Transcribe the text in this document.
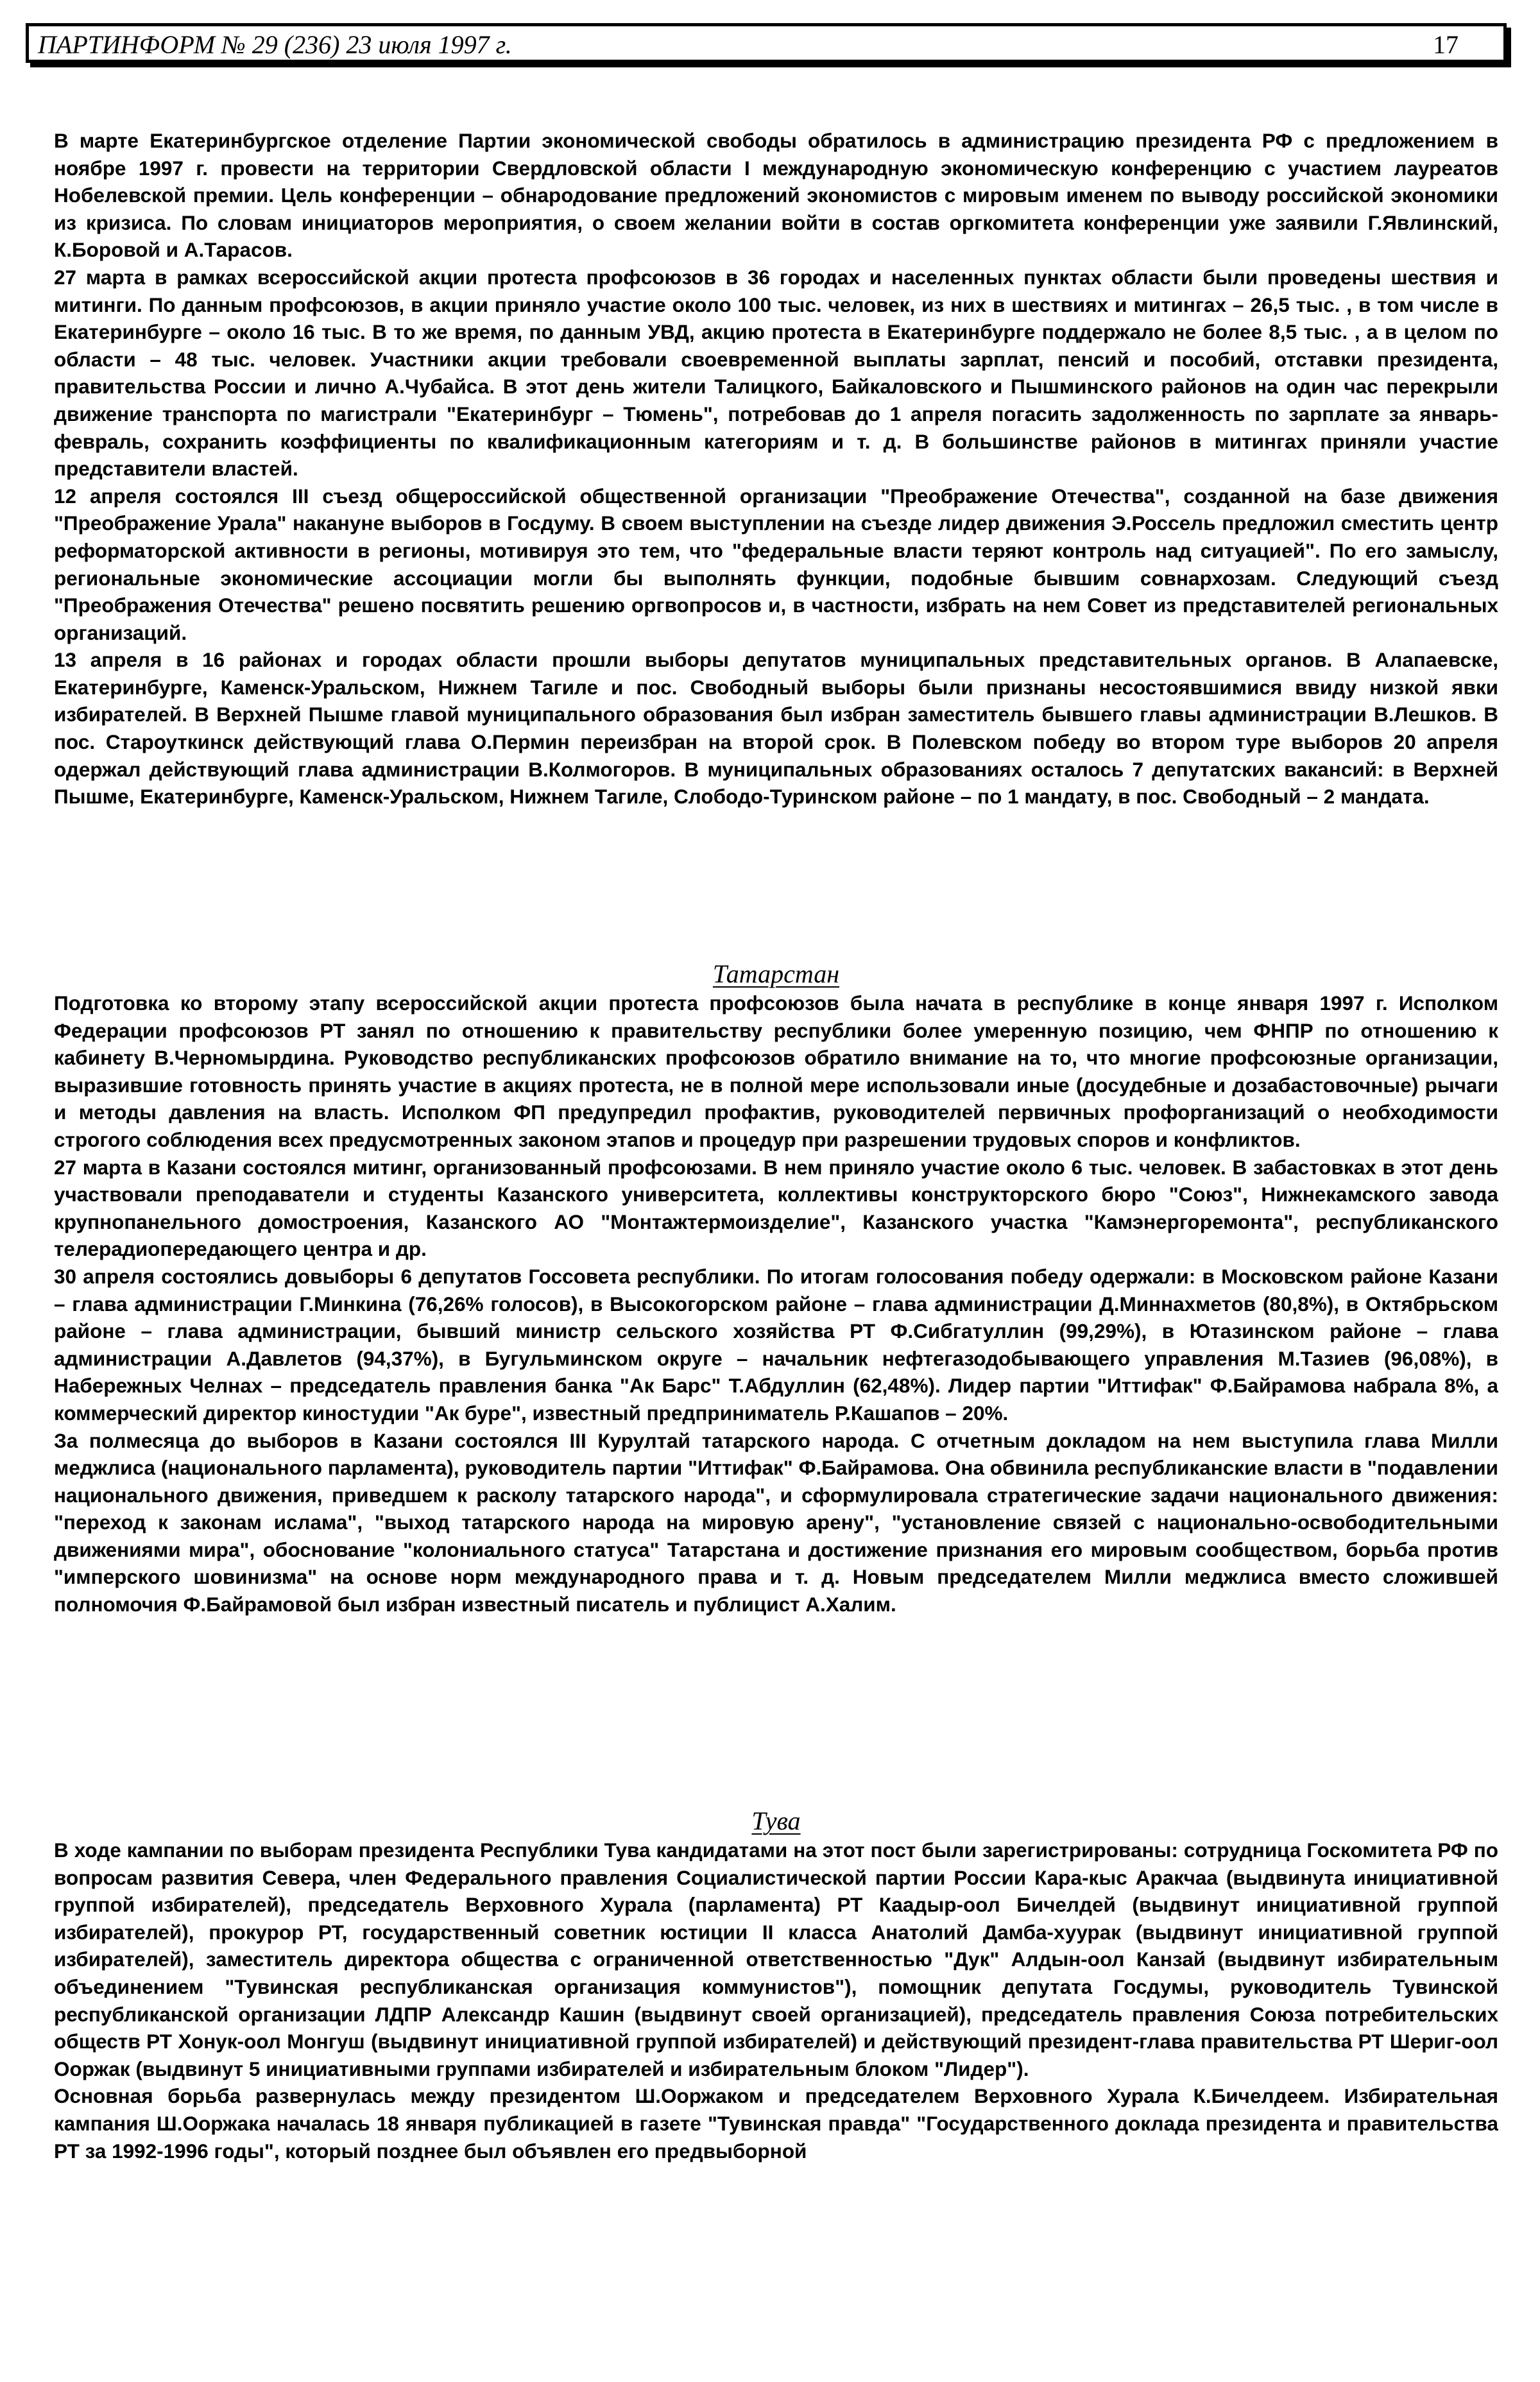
ПАРТИНФОРМ № 29 (236) 23 июля 1997 г.	17

В марте Екатеринбургское отделение Партии экономической свободы обратилось в администрацию президента РФ с предложением в ноябре 1997 г. провести на территории Свердловской области I международную экономическую конференцию с участием лауреатов Нобелевской премии. Цель конференции – обнародование предложений экономистов с мировым именем по выводу российской экономики из кризиса. По словам инициаторов мероприятия, о своем желании войти в состав оргкомитета конференции уже заявили Г.Явлинский, К.Боровой и А.Тарасов.

27 марта в рамках всероссийской акции протеста профсоюзов в 36 городах и населенных пунктах области были проведены шествия и митинги. По данным профсоюзов, в акции приняло участие около 100 тыс. человек, из них в шествиях и митингах – 26,5 тыс. , в том числе в Екатеринбурге – около 16 тыс. В то же время, по данным УВД, акцию протеста в Екатеринбурге поддержало не более 8,5 тыс. , а в целом по области – 48 тыс. человек. Участники акции требовали своевременной выплаты зарплат, пенсий и пособий, отставки президента, правительства России и лично А.Чубайса. В этот день жители Талицкого, Байкаловского и Пышминского районов на один час перекрыли движение транспорта по магистрали "Екатеринбург – Тюмень", потребовав до 1 апреля погасить задолженность по зарплате за январь-февраль, сохранить коэффициенты по квалификационным категориям и т. д. В большинстве районов в митингах приняли участие представители властей.

12 апреля состоялся III съезд общероссийской общественной организации "Преображение Отечества", созданной на базе движения "Преображение Урала" накануне выборов в Госдуму. В своем выступлении на съезде лидер движения Э.Россель предложил сместить центр реформаторской активности в регионы, мотивируя это тем, что "федеральные власти теряют контроль над ситуацией". По его замыслу, региональные экономические ассоциации могли бы выполнять функции, подобные бывшим совнархозам. Следующий съезд "Преображения Отечества" решено посвятить решению оргвопросов и, в частности, избрать на нем Совет из представителей региональных организаций.

13 апреля в 16 районах и городах области прошли выборы депутатов муниципальных представительных органов. В Алапаевске, Екатеринбурге, Каменск-Уральском, Нижнем Тагиле и пос. Свободный выборы были признаны несостоявшимися ввиду низкой явки избирателей. В Верхней Пышме главой муниципального образования был избран заместитель бывшего главы администрации В.Лешков. В пос. Староуткинск действующий глава О.Пермин переизбран на второй срок. В Полевском победу во втором туре выборов 20 апреля одержал действующий глава администрации В.Колмогоров. В муниципальных образованиях осталось 7 депутатских вакансий: в Верхней Пышме, Екатеринбурге, Каменск-Уральском, Нижнем Тагиле, Слободо-Туринском районе – по 1 мандату, в пос. Свободный – 2 мандата.

Татарстан

Подготовка ко второму этапу всероссийской акции протеста профсоюзов была начата в республике в конце января 1997 г. Исполком Федерации профсоюзов РТ занял по отношению к правительству республики более умеренную позицию, чем ФНПР по отношению к кабинету В.Черномырдина. Руководство республиканских профсоюзов обратило внимание на то, что многие профсоюзные организации, выразившие готовность принять участие в акциях протеста, не в полной мере использовали иные (досудебные и дозабастовочные) рычаги и методы давления на власть. Исполком ФП предупредил профактив, руководителей первичных профорганизаций о необходимости строгого соблюдения всех предусмотренных законом этапов и процедур при разрешении трудовых споров и конфликтов.

27 марта в Казани состоялся митинг, организованный профсоюзами. В нем приняло участие около 6 тыс. человек. В забастовках в этот день участвовали преподаватели и студенты Казанского университета, коллективы конструкторского бюро "Союз", Нижнекамского завода крупнопанельного домостроения, Казанского АО "Монтажтермоизделие", Казанского участка "Камэнергоремонта", республиканского телерадиопередающего центра и др.

30 апреля состоялись довыборы 6 депутатов Госсовета республики. По итогам голосования победу одержали: в Московском районе Казани – глава администрации Г.Минкина (76,26% голосов), в Высокогорском районе – глава администрации Д.Миннахметов (80,8%), в Октябрьском районе – глава администрации, бывший министр сельского хозяйства РТ Ф.Сибгатуллин (99,29%), в Ютазинском районе – глава администрации А.Давлетов (94,37%), в Бугульминском округе – начальник нефтегазодобывающего управления М.Тазиев (96,08%), в Набережных Челнах – председатель правления банка "Ак Барс" Т.Абдуллин (62,48%). Лидер партии "Иттифак" Ф.Байрамова набрала 8%, а коммерческий директор киностудии "Ак буре", известный предприниматель Р.Кашапов – 20%.

За полмесяца до выборов в Казани состоялся III Курултай татарского народа. С отчетным докладом на нем выступила глава Милли меджлиса (национального парламента), руководитель партии "Иттифак" Ф.Байрамова. Она обвинила республиканские власти в "подавлении национального движения, приведшем к расколу татарского народа", и сформулировала стратегические задачи национального движения: "переход к законам ислама", "выход татарского народа на мировую арену", "установление связей с национально-освободительными движениями мира", обоснование "колониального статуса" Татарстана и достижение признания его мировым сообществом, борьба против "имперского шовинизма" на основе норм международного права и т. д. Новым председателем Милли меджлиса вместо сложившей полномочия Ф.Байрамовой был избран известный писатель и публицист А.Халим.

Тува

В ходе кампании по выборам президента Республики Тува кандидатами на этот пост были зарегистрированы: сотрудница Госкомитета РФ по вопросам развития Севера, член Федерального правления Социалистической партии России Кара-кыс Аракчаа (выдвинута инициативной группой избирателей), председатель Верховного Хурала (парламента) РТ Каадыр-оол Бичелдей (выдвинут инициативной группой избирателей), прокурор РТ, государственный советник юстиции II класса Анатолий Дамба-хуурак (выдвинут инициативной группой избирателей), заместитель директора общества с ограниченной ответственностью "Дук" Алдын-оол Канзай (выдвинут избирательным объединением "Тувинская республиканская организация коммунистов"), помощник депутата Госдумы, руководитель Тувинской республиканской организации ЛДПР Александр Кашин (выдвинут своей организацией), председатель правления Союза потребительских обществ РТ Хонук-оол Монгуш (выдвинут инициативной группой избирателей) и действующий президент-глава правительства РТ Шериг-оол Ооржак (выдвинут 5 инициативными группами избирателей и избирательным блоком "Лидер").

Основная борьба развернулась между президентом Ш.Ооржаком и председателем Верховного Хурала К.Бичелдеем. Избирательная кампания Ш.Ооржака началась 18 января публикацией в газете "Тувинская правда" "Государственного доклада президента и правительства РТ за 1992-1996 годы", который позднее был объявлен его предвыборной
